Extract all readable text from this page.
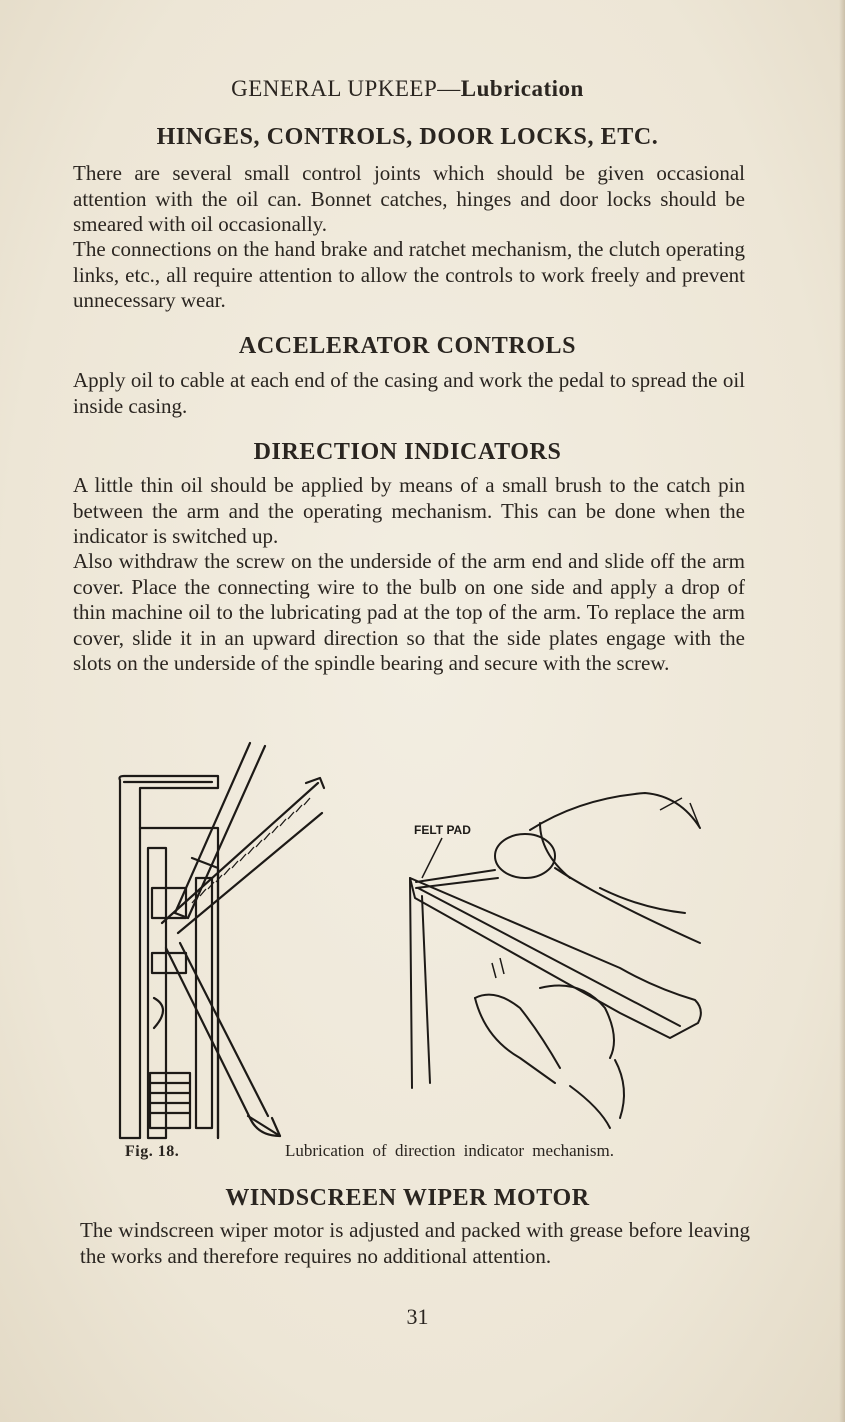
GENERAL UPKEEP—Lubrication
HINGES, CONTROLS, DOOR LOCKS, ETC.

There are several small control joints which should be given occasional attention with the oil can. Bonnet catches, hinges and door locks should be smeared with oil occasionally.

The connections on the hand brake and ratchet mechanism, the clutch operating links, etc., all require attention to allow the controls to work freely and prevent unnecessary wear.

ACCELERATOR CONTROLS

Apply oil to cable at each end of the casing and work the pedal to spread the oil inside casing.

DIRECTION INDICATORS

A little thin oil should be applied by means of a small brush to the catch pin between the arm and the operating mechanism. This can be done when the indicator is switched up.

Also withdraw the screw on the underside of the arm end and slide off the arm cover. Place the connecting wire to the bulb on one side and apply a drop of thin machine oil to the lubricating pad at the top of the arm. To replace the arm cover, slide it in an upward direction so that the side plates engage with the slots on the underside of the spindle bearing and secure with the screw.

FELT PAD
Fig. 18.	Lubrication of direction indicator mechanism.
WINDSCREEN WIPER MOTOR

The windscreen wiper motor is adjusted and packed with grease before leaving the works and therefore requires no additional attention.

31
